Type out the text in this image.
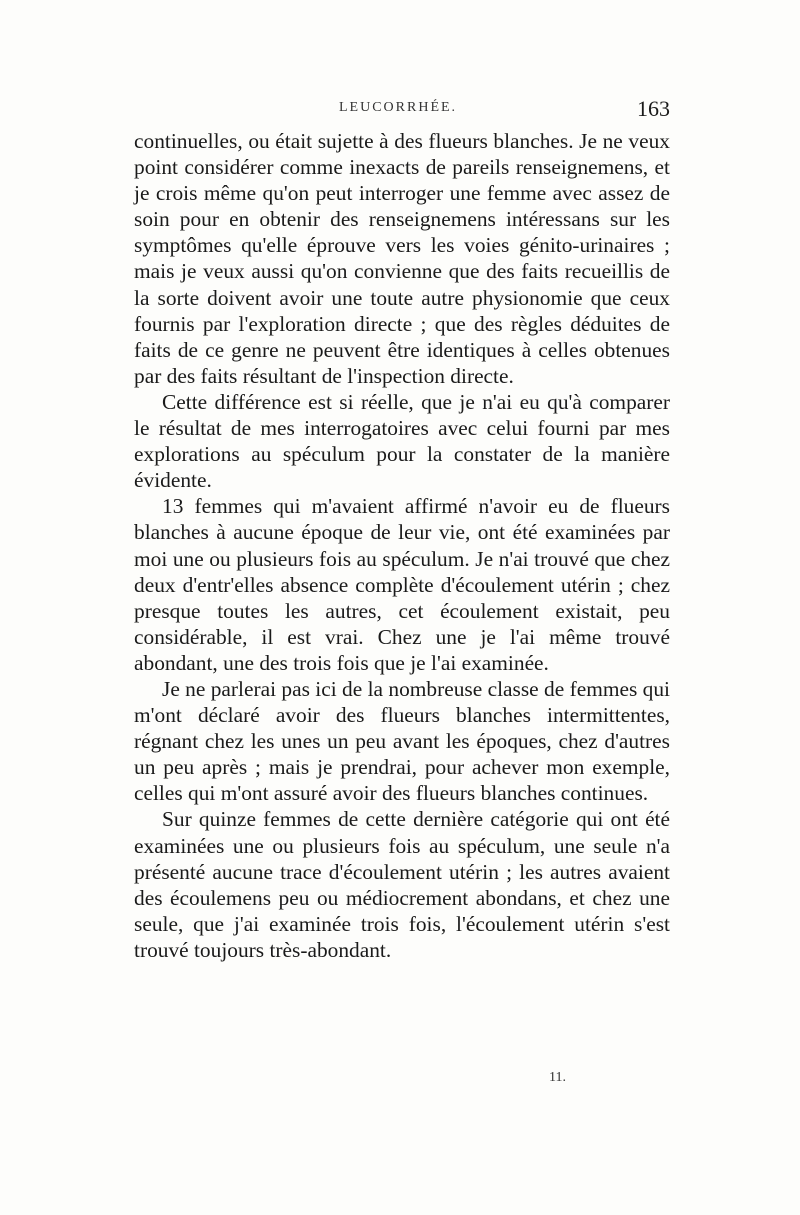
LEUCORRHÉE.	163

continuelles, ou était sujette à des flueurs blanches. Je ne veux point considérer comme inexacts de pareils renseignemens, et je crois même qu'on peut interroger une femme avec assez de soin pour en obtenir des renseignemens intéressans sur les symptômes qu'elle éprouve vers les voies génito-urinaires ; mais je veux aussi qu'on convienne que des faits recueillis de la sorte doivent avoir une toute autre physionomie que ceux fournis par l'exploration directe ; que des règles déduites de faits de ce genre ne peuvent être identiques à celles obtenues par des faits résultant de l'inspection directe.

Cette différence est si réelle, que je n'ai eu qu'à comparer le résultat de mes interrogatoires avec celui fourni par mes explorations au spéculum pour la constater de la manière évidente.

13 femmes qui m'avaient affirmé n'avoir eu de flueurs blanches à aucune époque de leur vie, ont été examinées par moi une ou plusieurs fois au spéculum. Je n'ai trouvé que chez deux d'entr'elles absence complète d'écoulement utérin ; chez presque toutes les autres, cet écoulement existait, peu considérable, il est vrai. Chez une je l'ai même trouvé abondant, une des trois fois que je l'ai examinée.

Je ne parlerai pas ici de la nombreuse classe de femmes qui m'ont déclaré avoir des flueurs blanches intermittentes, régnant chez les unes un peu avant les époques, chez d'autres un peu après ; mais je prendrai, pour achever mon exemple, celles qui m'ont assuré avoir des flueurs blanches continues.

Sur quinze femmes de cette dernière catégorie qui ont été examinées une ou plusieurs fois au spéculum, une seule n'a présenté aucune trace d'écoulement utérin ; les autres avaient des écoulemens peu ou médiocrement abondans, et chez une seule, que j'ai examinée trois fois, l'écoulement utérin s'est trouvé toujours très-abondant.

11.
